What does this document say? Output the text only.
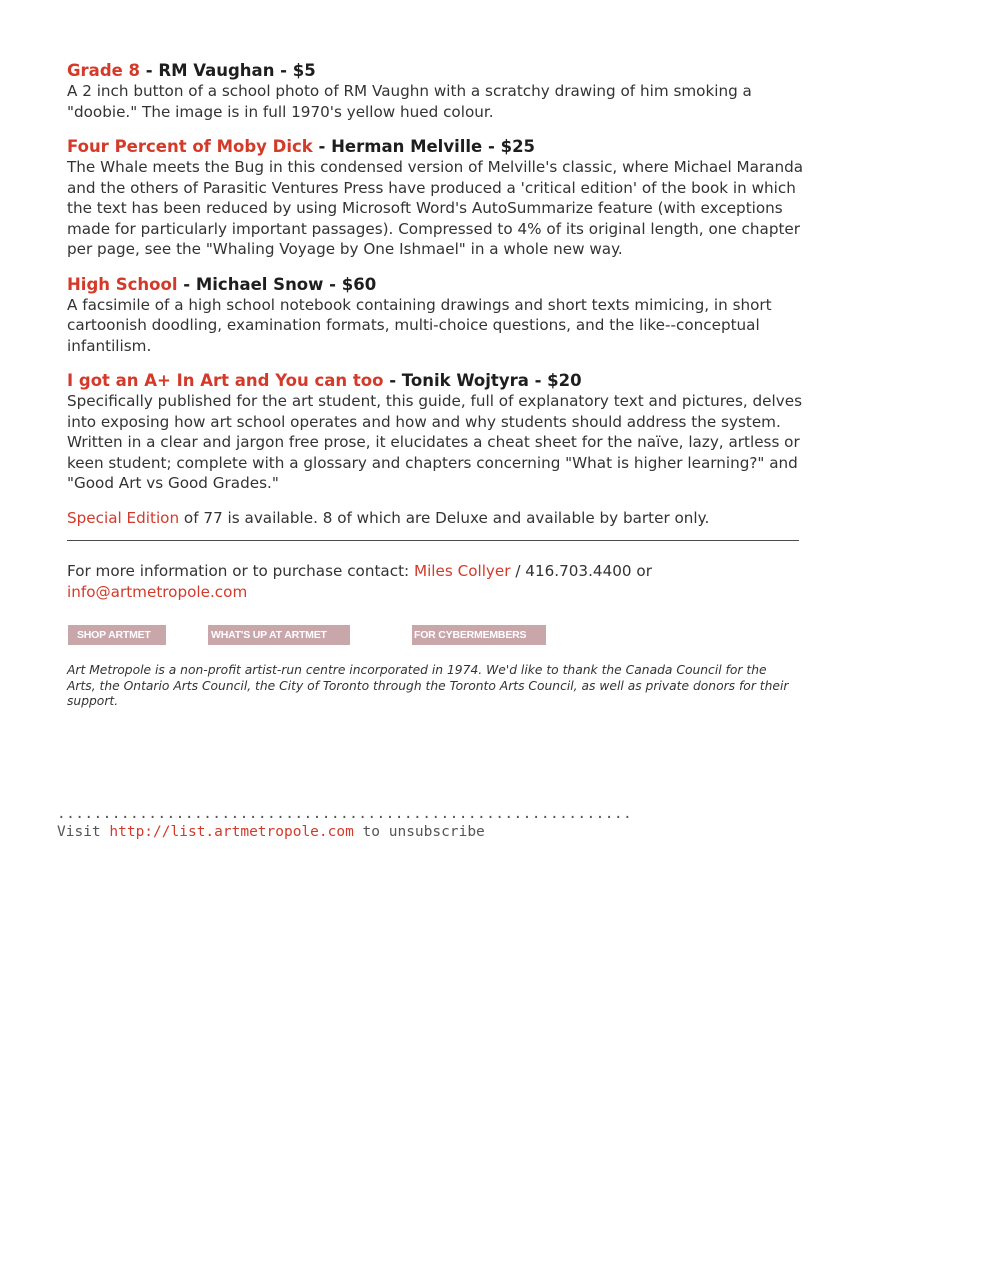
Grade 8 - RM Vaughan - $5

A 2 inch button of a school photo of RM Vaughn with a scratchy drawing of him smoking a "doobie." The image is in full 1970's yellow hued colour.

Four Percent of Moby Dick - Herman Melville - $25

The Whale meets the Bug in this condensed version of Melville's classic, where Michael Maranda and the others of Parasitic Ventures Press have produced a 'critical edition' of the book in which the text has been reduced by using Microsoft Word's AutoSummarize feature (with exceptions made for particularly important passages). Compressed to 4% of its original length, one chapter per page, see the "Whaling Voyage by One Ishmael" in a whole new way.

High School - Michael Snow - $60

A facsimile of a high school notebook containing drawings and short texts mimicing, in short cartoonish doodling, examination formats, multi-choice questions, and the like--conceptual infantilism.

I got an A+ In Art and You can too - Tonik Wojtyra - $20

Specifically published for the art student, this guide, full of explanatory text and pictures, delves into exposing how art school operates and how and why students should address the system. Written in a clear and jargon free prose, it elucidates a cheat sheet for the naïve, lazy, artless or keen student; complete with a glossary and chapters concerning "What is higher learning?" and "Good Art vs Good Grades."

Special Edition of 77 is available. 8 of which are Deluxe and available by barter only.

For more information or to purchase contact: Miles Collyer / 416.703.4400 or
info@artmetropole.com

SHOP ARTMET	WHAT'S UP AT ARTMET	FOR CYBERMEMBERS

Art Metropole is a non-profit artist-run centre incorporated in 1974. We'd like to thank the Canada Council for the Arts, the Ontario Arts Council, the City of Toronto through the Toronto Arts Council, as well as private donors for their support.

...............................................................
Visit http://list.artmetropole.com to unsubscribe
